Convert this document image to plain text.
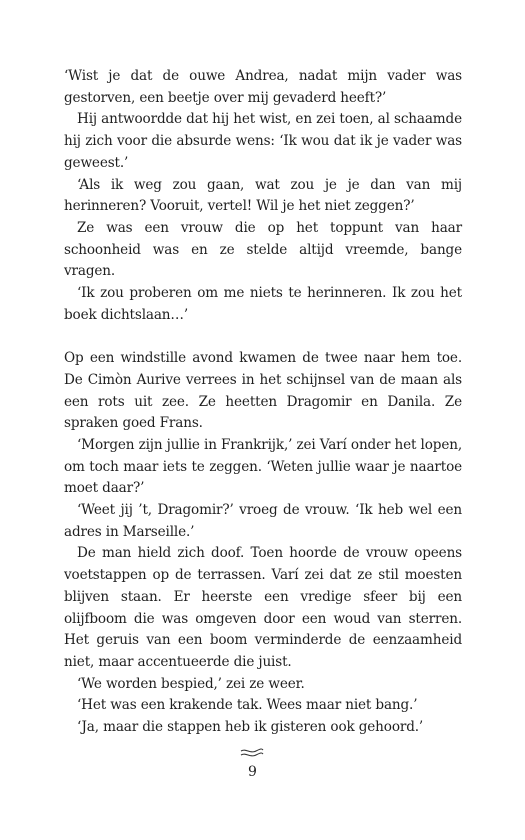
‘Wist je dat de ouwe Andrea, nadat mijn vader was gestorven, een beetje over mij gevaderd heeft?’

Hij antwoordde dat hij het wist, en zei toen, al schaamde hij zich voor die absurde wens: ‘Ik wou dat ik je vader was geweest.’

‘Als ik weg zou gaan, wat zou je je dan van mij herinneren? Vooruit, vertel! Wil je het niet zeggen?’

Ze was een vrouw die op het toppunt van haar schoonheid was en ze stelde altijd vreemde, bange vragen.

‘Ik zou proberen om me niets te herinneren. Ik zou het boek dichtslaan…’

Op een windstille avond kwamen de twee naar hem toe. De Cimòn Aurive verrees in het schijnsel van de maan als een rots uit zee. Ze heetten Dragomir en Danila. Ze spraken goed Frans.

‘Morgen zijn jullie in Frankrijk,’ zei Varí onder het lopen, om toch maar iets te zeggen. ‘Weten jullie waar je naartoe moet daar?’

‘Weet jij ’t, Dragomir?’ vroeg de vrouw. ‘Ik heb wel een adres in Marseille.’

De man hield zich doof. Toen hoorde de vrouw opeens voetstappen op de terrassen. Varí zei dat ze stil moesten blijven staan. Er heerste een vredige sfeer bij een olijfboom die was omgeven door een woud van sterren. Het geruis van een boom verminderde de eenzaamheid niet, maar accentueerde die juist.

‘We worden bespied,’ zei ze weer.

‘Het was een krakende tak. Wees maar niet bang.’

‘Ja, maar die stappen heb ik gisteren ook gehoord.’

9
